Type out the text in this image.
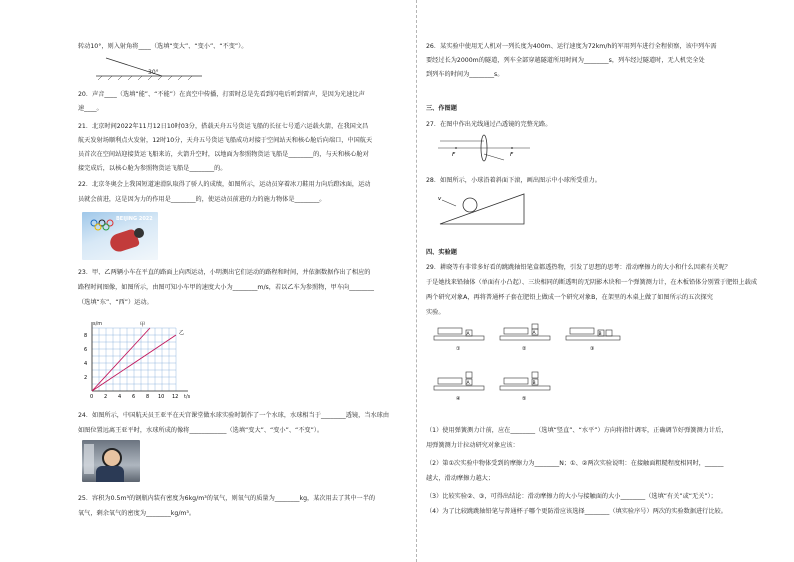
转动10°，则入射角将____（选填“变大”、“变小”、“不变”）。
30°
20．声音____（选填“能”、“不能”）在真空中传播，打雷时总是先看到闪电后听到雷声，是因为光速比声
速____。
21．北京时间2022年11月12日10时03分，搭载天舟五号货运飞船的长征七号遥六运载火箭，在我国文昌
航天发射场顺利点火发射，12时10分，天舟五号货运飞船成功对接于空间站天和核心舱后向端口，中国航天
员首次在空间站迎接货运飞船来访，火箭升空时，以地面为参照物货运飞船是________的，与天和核心舱对
接完成后，以核心舱为参照物货运飞船是________的。
22．北京冬奥会上我国短道速滑队取得了骄人的成绩，如图所示，运动员穿着冰刀鞋用力向后蹬冰面，运动
员就会前进，这是因为力的作用是________的，使运动员前进的力的施力物体是________。
BEIJING 2022
23．甲、乙两辆小车在平直的路面上向西运动，小明测出它们运动的路程和时间，并依据数据作出了相应的
路程时间图像，如图所示，由图可知小车甲的速度大小为________m/s，若以乙车为参照物，甲车向________
（选填“东”、“西”）运动。
s/m
t/s
2
4
6
8
0 2 4 6 8 10 12
甲
乙
24．如图所示，中国航天员王亚平在天宫课堂做水球实验时制作了一个水球，水球相当于________透镜，当水球由
如图位置远离王亚平时，水球所成的像将____________（选填“变大”、“变小”、“不变”）。
25．容积为0.5m³的钢瓶内装有密度为6kg/m³的氧气，则氧气的质量为________kg，某次用去了其中一半的
氧气，剩余氧气的密度为________kg/m³。
26．某实验中使用无人机对一列长度为400m、运行速度为72km/h的军用列车进行全程侦察，该中列车需
要经过长为2000m的隧道，列车全部穿越隧道所用时间为________s，列车经过隧道时，无人机完全处
到列车的时间为________s。
三、作图题
27．在图中作出光线通过凸透镜的完整光路。
F	F
28．如图所示，小球沿着斜面下滚，画出图示中小球所受重力。
v
四、实验题
29．耕晓等有非常多好看的跳跳轴铅笔盒都透热物，引发了思想的思考：滑动摩擦力的大小和什么因素有关呢？
于是她找来铅轴体（单面有小凸起）、三块相同的断透明的无阴影木块和一个弹簧测力计，在木板铅体分别置于肥铅上载成
两个研究对象A，再将普通杯子套在肥铅上做成一个研究对象B，在架里的木桌上做了如图所示的五次探究
实验。
A	A	B
A	B
①	②	③
④	⑤
（1）使用弹簧测力计前，应在________（选填“竖直”、“水平”）方向将指针调零，正确调节好弹簧测力计后，
用弹簧测力计拉动研究对象应该：
（2）第①次实验中物体受到的摩擦力为________N；①、②两次实验说明：在接触面粗糙程度相同时，______
越大，滑动摩擦力越大；
（3）比较实验②、③，可得出结论：滑动摩擦力的大小与接触面的大小________（选填“有关”或“无关”）；
（4）为了比较跳跳轴铅笔与普通杯子哪个更防滑应该选择________（填实验序号）两次的实验数据进行比较。
